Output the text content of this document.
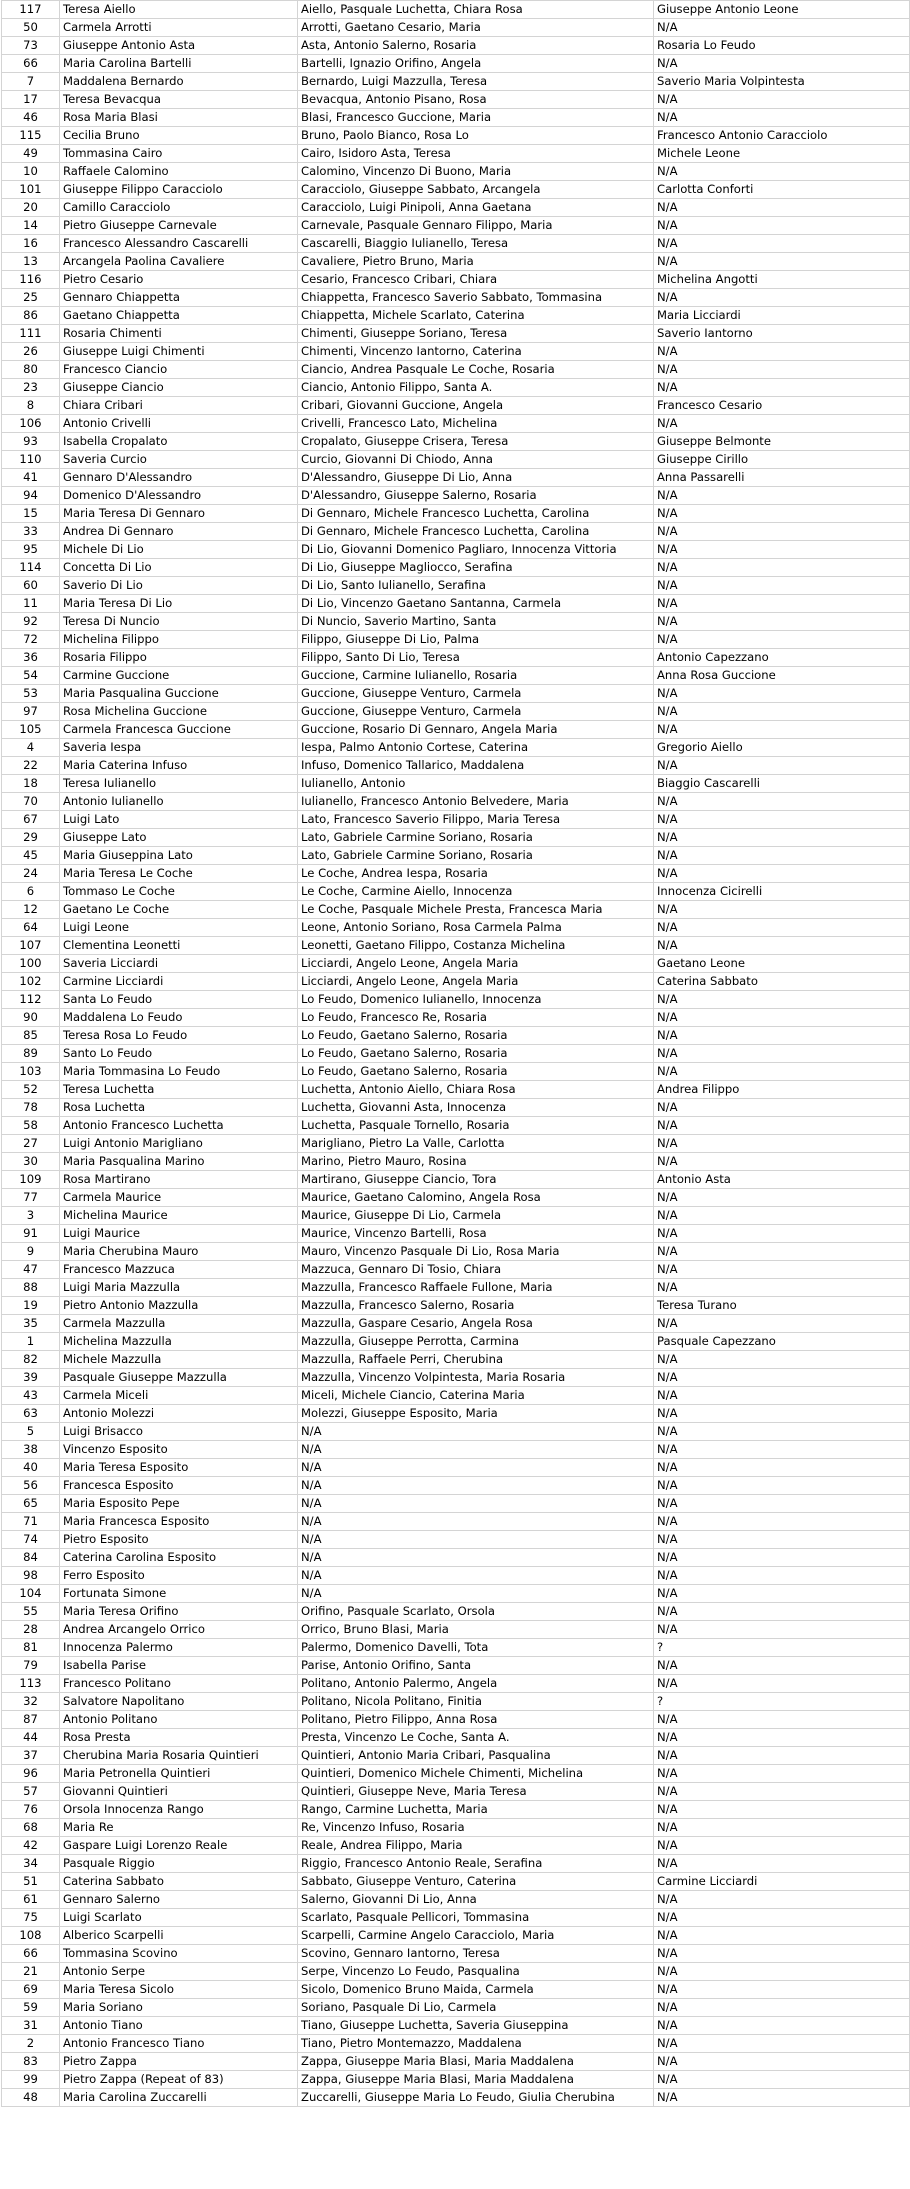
117	Teresa Aiello	Aiello, Pasquale Luchetta, Chiara Rosa	Giuseppe Antonio Leone
50	Carmela Arrotti	Arrotti, Gaetano Cesario, Maria	N/A
73	Giuseppe Antonio Asta	Asta, Antonio Salerno, Rosaria	Rosaria Lo Feudo
66	Maria Carolina Bartelli	Bartelli, Ignazio Orifino, Angela	N/A
7	Maddalena Bernardo	Bernardo, Luigi Mazzulla, Teresa	Saverio Maria Volpintesta
17	Teresa Bevacqua	Bevacqua, Antonio Pisano, Rosa	N/A
46	Rosa Maria Blasi	Blasi, Francesco Guccione, Maria	N/A
115	Cecilia Bruno	Bruno, Paolo Bianco, Rosa Lo	Francesco Antonio Caracciolo
49	Tommasina Cairo	Cairo, Isidoro Asta, Teresa	Michele Leone
10	Raffaele Calomino	Calomino, Vincenzo Di Buono, Maria	N/A
101	Giuseppe Filippo Caracciolo	Caracciolo, Giuseppe Sabbato, Arcangela	Carlotta Conforti
20	Camillo Caracciolo	Caracciolo, Luigi Pinipoli, Anna Gaetana	N/A
14	Pietro Giuseppe Carnevale	Carnevale, Pasquale Gennaro Filippo, Maria	N/A
16	Francesco Alessandro Cascarelli	Cascarelli, Biaggio Iulianello, Teresa	N/A
13	Arcangela Paolina Cavaliere	Cavaliere, Pietro Bruno, Maria	N/A
116	Pietro Cesario	Cesario, Francesco Cribari, Chiara	Michelina Angotti
25	Gennaro Chiappetta	Chiappetta, Francesco Saverio Sabbato, Tommasina	N/A
86	Gaetano Chiappetta	Chiappetta, Michele Scarlato, Caterina	Maria Licciardi
111	Rosaria Chimenti	Chimenti, Giuseppe Soriano, Teresa	Saverio Iantorno
26	Giuseppe Luigi Chimenti	Chimenti, Vincenzo Iantorno, Caterina	N/A
80	Francesco Ciancio	Ciancio, Andrea Pasquale Le Coche, Rosaria	N/A
23	Giuseppe Ciancio	Ciancio, Antonio Filippo, Santa A.	N/A
8	Chiara Cribari	Cribari, Giovanni Guccione, Angela	Francesco Cesario
106	Antonio Crivelli	Crivelli, Francesco Lato, Michelina	N/A
93	Isabella Cropalato	Cropalato, Giuseppe Crisera, Teresa	Giuseppe Belmonte
110	Saveria Curcio	Curcio, Giovanni Di Chiodo, Anna	Giuseppe Cirillo
41	Gennaro D'Alessandro	D'Alessandro, Giuseppe Di Lio, Anna	Anna Passarelli
94	Domenico D'Alessandro	D'Alessandro, Giuseppe Salerno, Rosaria	N/A
15	Maria Teresa Di Gennaro	Di Gennaro, Michele Francesco Luchetta, Carolina	N/A
33	Andrea Di Gennaro	Di Gennaro, Michele Francesco Luchetta, Carolina	N/A
95	Michele Di Lio	Di Lio, Giovanni Domenico Pagliaro, Innocenza Vittoria	N/A
114	Concetta Di Lio	Di Lio, Giuseppe Magliocco, Serafina	N/A
60	Saverio Di Lio	Di Lio, Santo Iulianello, Serafina	N/A
11	Maria Teresa Di Lio	Di Lio, Vincenzo Gaetano Santanna, Carmela	N/A
92	Teresa Di Nuncio	Di Nuncio, Saverio Martino, Santa	N/A
72	Michelina Filippo	Filippo, Giuseppe Di Lio, Palma	N/A
36	Rosaria Filippo	Filippo, Santo Di Lio, Teresa	Antonio Capezzano
54	Carmine Guccione	Guccione, Carmine Iulianello, Rosaria	Anna Rosa Guccione
53	Maria Pasqualina Guccione	Guccione, Giuseppe Venturo, Carmela	N/A
97	Rosa Michelina Guccione	Guccione, Giuseppe Venturo, Carmela	N/A
105	Carmela Francesca Guccione	Guccione, Rosario Di Gennaro, Angela Maria	N/A
4	Saveria Iespa	Iespa, Palmo Antonio Cortese, Caterina	Gregorio Aiello
22	Maria Caterina Infuso	Infuso, Domenico Tallarico, Maddalena	N/A
18	Teresa Iulianello	Iulianello, Antonio	Biaggio Cascarelli
70	Antonio Iulianello	Iulianello, Francesco Antonio Belvedere, Maria	N/A
67	Luigi Lato	Lato, Francesco Saverio Filippo, Maria Teresa	N/A
29	Giuseppe Lato	Lato, Gabriele Carmine Soriano, Rosaria	N/A
45	Maria Giuseppina Lato	Lato, Gabriele Carmine Soriano, Rosaria	N/A
24	Maria Teresa Le Coche	Le Coche, Andrea Iespa, Rosaria	N/A
6	Tommaso Le Coche	Le Coche, Carmine Aiello, Innocenza	Innocenza Cicirelli
12	Gaetano Le Coche	Le Coche, Pasquale Michele Presta, Francesca Maria	N/A
64	Luigi Leone	Leone, Antonio Soriano, Rosa Carmela Palma	N/A
107	Clementina Leonetti	Leonetti, Gaetano Filippo, Costanza Michelina	N/A
100	Saveria Licciardi	Licciardi, Angelo Leone, Angela Maria	Gaetano Leone
102	Carmine Licciardi	Licciardi, Angelo Leone, Angela Maria	Caterina Sabbato
112	Santa Lo Feudo	Lo Feudo, Domenico Iulianello, Innocenza	N/A
90	Maddalena Lo Feudo	Lo Feudo, Francesco Re, Rosaria	N/A
85	Teresa Rosa Lo Feudo	Lo Feudo, Gaetano Salerno, Rosaria	N/A
89	Santo Lo Feudo	Lo Feudo, Gaetano Salerno, Rosaria	N/A
103	Maria Tommasina Lo Feudo	Lo Feudo, Gaetano Salerno, Rosaria	N/A
52	Teresa Luchetta	Luchetta, Antonio Aiello, Chiara Rosa	Andrea Filippo
78	Rosa Luchetta	Luchetta, Giovanni Asta, Innocenza	N/A
58	Antonio Francesco Luchetta	Luchetta, Pasquale Tornello, Rosaria	N/A
27	Luigi Antonio Marigliano	Marigliano, Pietro La Valle, Carlotta	N/A
30	Maria Pasqualina Marino	Marino, Pietro Mauro, Rosina	N/A
109	Rosa Martirano	Martirano, Giuseppe Ciancio, Tora	Antonio Asta
77	Carmela Maurice	Maurice, Gaetano Calomino, Angela Rosa	N/A
3	Michelina Maurice	Maurice, Giuseppe Di Lio, Carmela	N/A
91	Luigi Maurice	Maurice, Vincenzo Bartelli, Rosa	N/A
9	Maria Cherubina Mauro	Mauro, Vincenzo Pasquale Di Lio, Rosa Maria	N/A
47	Francesco Mazzuca	Mazzuca, Gennaro Di Tosio, Chiara	N/A
88	Luigi Maria Mazzulla	Mazzulla, Francesco Raffaele Fullone, Maria	N/A
19	Pietro Antonio Mazzulla	Mazzulla, Francesco Salerno, Rosaria	Teresa Turano
35	Carmela Mazzulla	Mazzulla, Gaspare Cesario, Angela Rosa	N/A
1	Michelina Mazzulla	Mazzulla, Giuseppe Perrotta, Carmina	Pasquale Capezzano
82	Michele Mazzulla	Mazzulla, Raffaele Perri, Cherubina	N/A
39	Pasquale Giuseppe Mazzulla	Mazzulla, Vincenzo Volpintesta, Maria Rosaria	N/A
43	Carmela Miceli	Miceli, Michele Ciancio, Caterina Maria	N/A
63	Antonio Molezzi	Molezzi, Giuseppe Esposito, Maria	N/A
5	Luigi Brisacco	N/A	N/A
38	Vincenzo Esposito	N/A	N/A
40	Maria Teresa Esposito	N/A	N/A
56	Francesca Esposito	N/A	N/A
65	Maria Esposito Pepe	N/A	N/A
71	Maria Francesca Esposito	N/A	N/A
74	Pietro Esposito	N/A	N/A
84	Caterina Carolina Esposito	N/A	N/A
98	Ferro Esposito	N/A	N/A
104	Fortunata Simone	N/A	N/A
55	Maria Teresa Orifino	Orifino, Pasquale Scarlato, Orsola	N/A
28	Andrea Arcangelo Orrico	Orrico, Bruno Blasi, Maria	N/A
81	Innocenza Palermo	Palermo, Domenico Davelli, Tota	?
79	Isabella Parise	Parise, Antonio Orifino, Santa	N/A
113	Francesco Politano	Politano, Antonio Palermo, Angela	N/A
32	Salvatore Napolitano	Politano, Nicola Politano, Finitia	?
87	Antonio Politano	Politano, Pietro Filippo, Anna Rosa	N/A
44	Rosa Presta	Presta, Vincenzo Le Coche, Santa A.	N/A
37	Cherubina Maria Rosaria Quintieri	Quintieri, Antonio Maria Cribari, Pasqualina	N/A
96	Maria Petronella Quintieri	Quintieri, Domenico Michele Chimenti, Michelina	N/A
57	Giovanni Quintieri	Quintieri, Giuseppe Neve, Maria Teresa	N/A
76	Orsola Innocenza Rango	Rango, Carmine Luchetta, Maria	N/A
68	Maria Re	Re, Vincenzo Infuso, Rosaria	N/A
42	Gaspare Luigi Lorenzo Reale	Reale, Andrea Filippo, Maria	N/A
34	Pasquale Riggio	Riggio, Francesco Antonio Reale, Serafina	N/A
51	Caterina Sabbato	Sabbato, Giuseppe Venturo, Caterina	Carmine Licciardi
61	Gennaro Salerno	Salerno, Giovanni Di Lio, Anna	N/A
75	Luigi Scarlato	Scarlato, Pasquale Pellicori, Tommasina	N/A
108	Alberico Scarpelli	Scarpelli, Carmine Angelo Caracciolo, Maria	N/A
66	Tommasina Scovino	Scovino, Gennaro Iantorno, Teresa	N/A
21	Antonio Serpe	Serpe, Vincenzo Lo Feudo, Pasqualina	N/A
69	Maria Teresa Sicolo	Sicolo, Domenico Bruno Maida, Carmela	N/A
59	Maria Soriano	Soriano, Pasquale Di Lio, Carmela	N/A
31	Antonio Tiano	Tiano, Giuseppe Luchetta, Saveria Giuseppina	N/A
2	Antonio Francesco Tiano	Tiano, Pietro Montemazzo, Maddalena	N/A
83	Pietro Zappa	Zappa, Giuseppe Maria Blasi, Maria Maddalena	N/A
99	Pietro Zappa (Repeat of 83)	Zappa, Giuseppe Maria Blasi, Maria Maddalena	N/A
48	Maria Carolina Zuccarelli	Zuccarelli, Giuseppe Maria Lo Feudo, Giulia Cherubina	N/A
